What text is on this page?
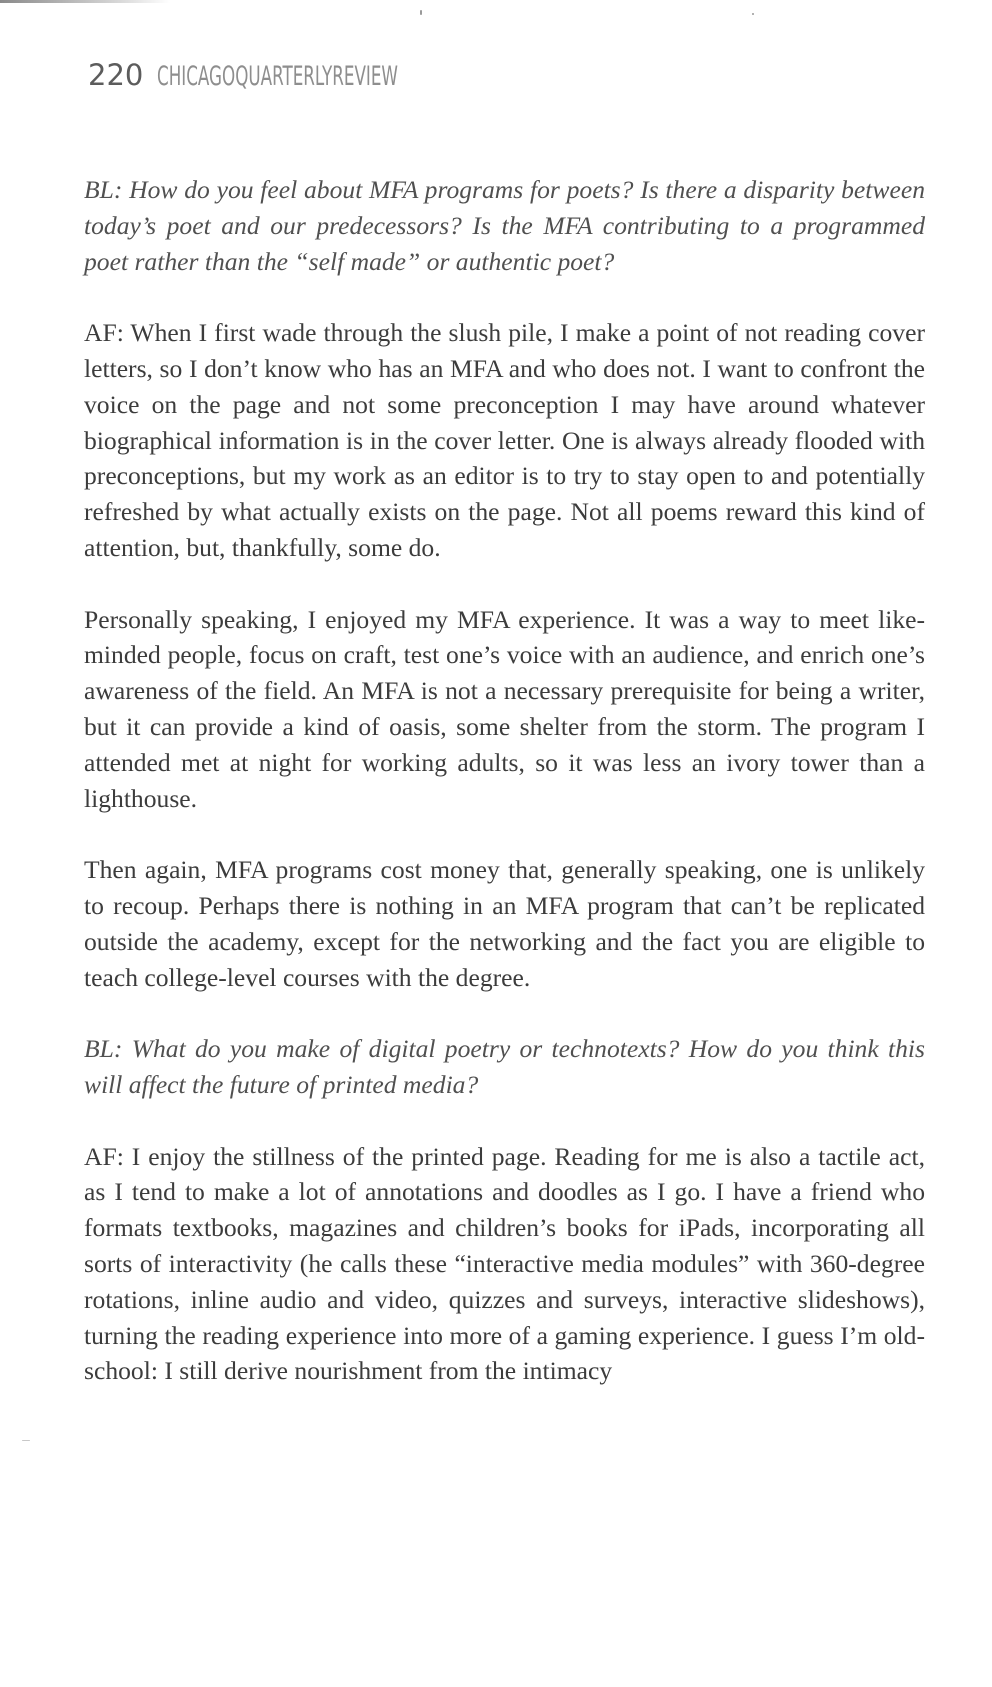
220 CHICAGOQUARTERLYREVIEW

BL: How do you feel about MFA programs for poets? Is there a disparity between today’s poet and our predecessors? Is the MFA contributing to a programmed poet rather than the “self made” or authentic poet?

AF: When I first wade through the slush pile, I make a point of not reading cover letters, so I don’t know who has an MFA and who does not. I want to confront the voice on the page and not some preconception I may have around whatever biographical information is in the cover letter. One is always already flooded with preconceptions, but my work as an editor is to try to stay open to and potentially refreshed by what actually exists on the page. Not all poems reward this kind of attention, but, thankfully, some do.

Personally speaking, I enjoyed my MFA experience. It was a way to meet like-minded people, focus on craft, test one’s voice with an audience, and enrich one’s awareness of the field. An MFA is not a necessary prerequisite for being a writer, but it can provide a kind of oasis, some shelter from the storm. The program I attended met at night for working adults, so it was less an ivory tower than a lighthouse.

Then again, MFA programs cost money that, generally speaking, one is unlikely to recoup. Perhaps there is nothing in an MFA program that can’t be replicated outside the academy, except for the networking and the fact you are eligible to teach college-level courses with the degree.

BL: What do you make of digital poetry or technotexts? How do you think this will affect the future of printed media?

AF: I enjoy the stillness of the printed page. Reading for me is also a tactile act, as I tend to make a lot of annotations and doodles as I go. I have a friend who formats textbooks, magazines and children’s books for iPads, incorporating all sorts of interactivity (he calls these “interactive media modules” with 360-degree rotations, inline audio and video, quizzes and surveys, interactive slideshows), turning the reading experience into more of a gaming experience. I guess I’m old-school: I still derive nourishment from the intimacy
